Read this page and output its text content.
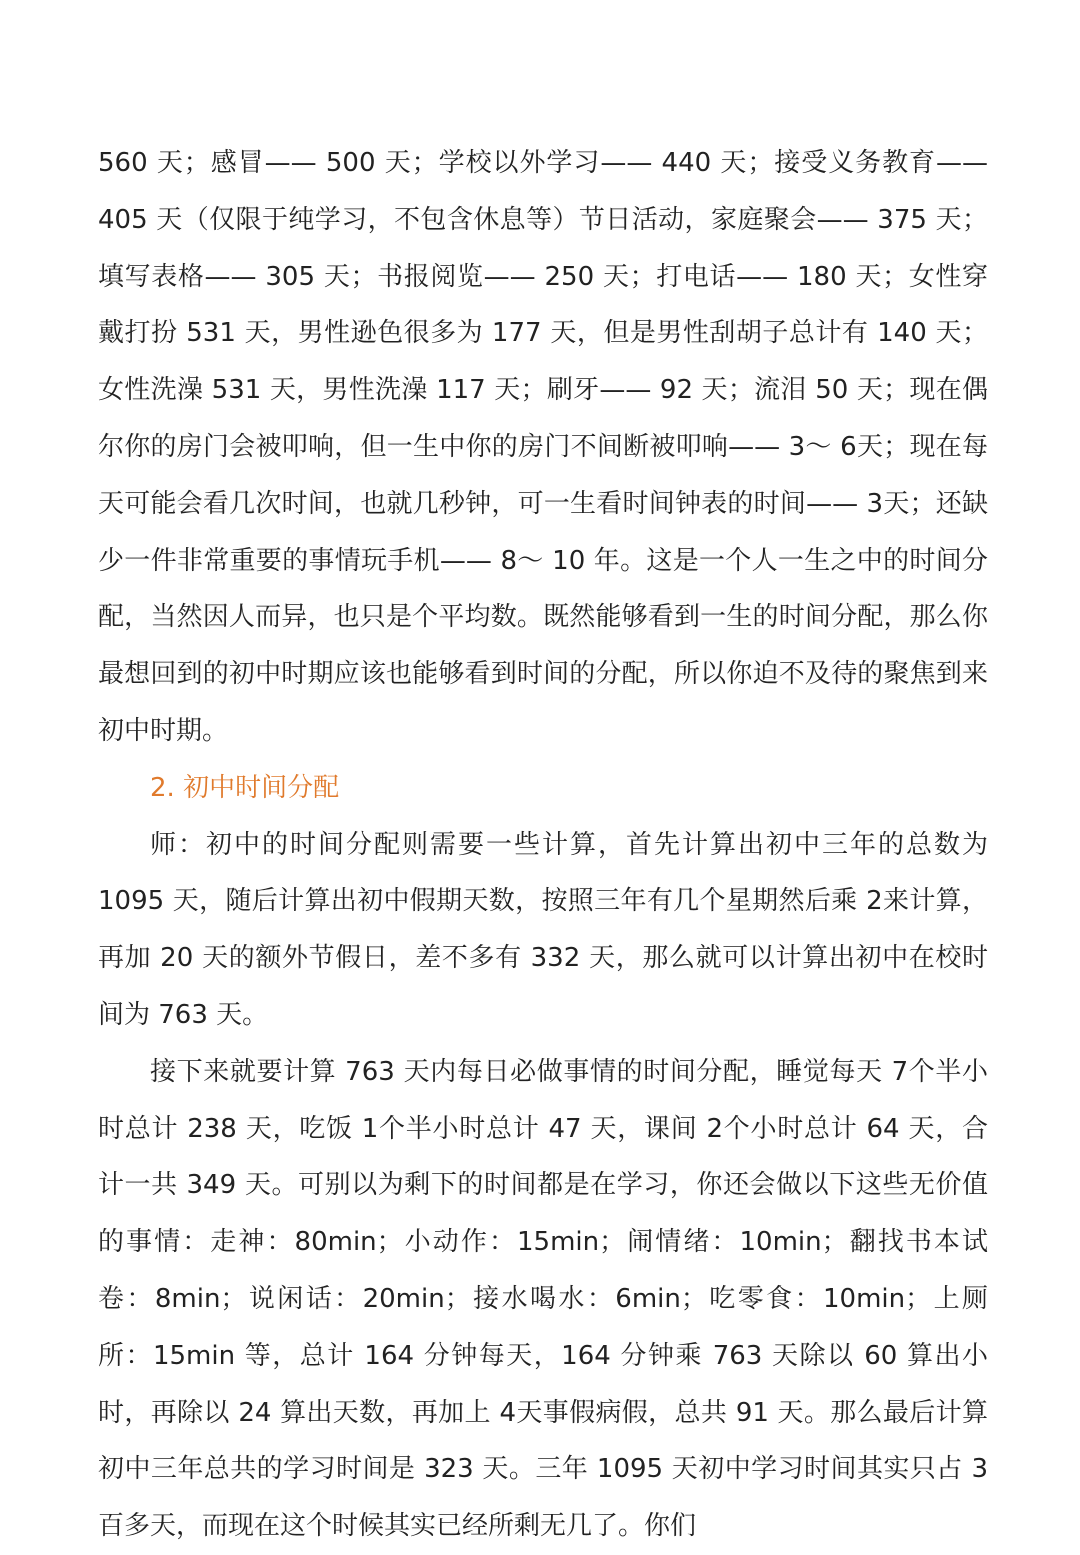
560 天；感冒—— 500 天；学校以外学习—— 440 天；接受义务教育—— 405 天（仅限于纯学习，不包含休息等）节日活动，家庭聚会—— 375 天；填写表格—— 305 天；书报阅览—— 250 天；打电话—— 180 天；女性穿戴打扮 531 天，男性逊色很多为 177 天，但是男性刮胡子总计有 140 天；女性洗澡 531 天，男性洗澡 117 天；刷牙—— 92 天；流泪 50 天；现在偶尔你的房门会被叩响，但一生中你的房门不间断被叩响—— 3～ 6天；现在每天可能会看几次时间，也就几秒钟，可一生看时间钟表的时间—— 3天；还缺少一件非常重要的事情玩手机—— 8～ 10 年。这是一个人一生之中的时间分配，当然因人而异，也只是个平均数。既然能够看到一生的时间分配，那么你最想回到的初中时期应该也能够看到时间的分配，所以你迫不及待的聚焦到来初中时期。

2. 初中时间分配

师：初中的时间分配则需要一些计算，首先计算出初中三年的总数为 1095 天，随后计算出初中假期天数，按照三年有几个星期然后乘 2来计算，再加 20 天的额外节假日，差不多有 332 天，那么就可以计算出初中在校时间为 763 天。

接下来就要计算 763 天内每日必做事情的时间分配，睡觉每天 7个半小时总计 238 天，吃饭 1个半小时总计 47 天，课间 2个小时总计 64 天，合计一共 349 天。可别以为剩下的时间都是在学习，你还会做以下这些无价值的事情：走神：80min；小动作：15min；闹情绪：10min；翻找书本试卷：8min；说闲话：20min；接水喝水：6min；吃零食：10min；上厕所：15min 等，总计 164 分钟每天，164 分钟乘 763 天除以 60 算出小时，再除以 24 算出天数，再加上 4天事假病假，总共 91 天。那么最后计算初中三年总共的学习时间是 323 天。三年 1095 天初中学习时间其实只占 3百多天，而现在这个时候其实已经所剩无几了。你们
